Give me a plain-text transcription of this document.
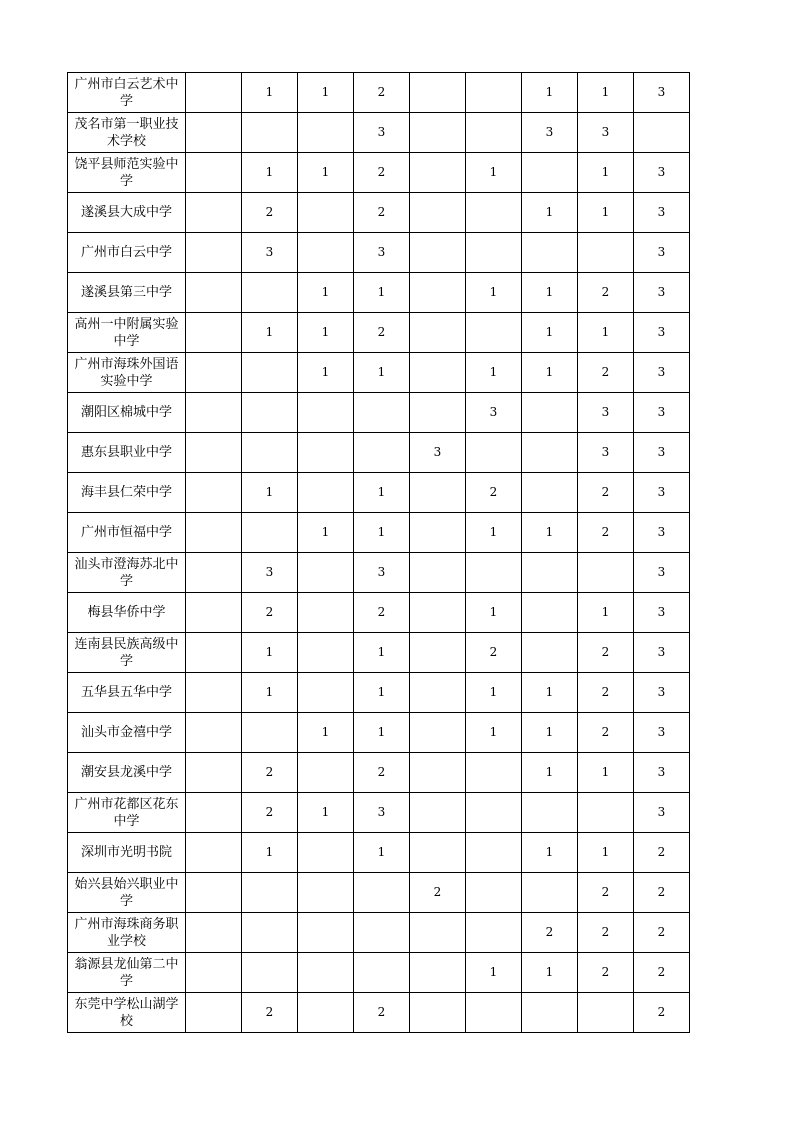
广州市白云艺术中学		1	1	2			1	1	3
茂名市第一职业技术学校				3			3	3	
饶平县师范实验中学		1	1	2		1		1	3
遂溪县大成中学		2		2			1	1	3
广州市白云中学		3		3					3
遂溪县第三中学			1	1		1	1	2	3
高州一中附属实验中学		1	1	2			1	1	3
广州市海珠外国语实验中学			1	1		1	1	2	3
潮阳区棉城中学						3		3	3
惠东县职业中学					3			3	3
海丰县仁荣中学		1		1		2		2	3
广州市恒福中学			1	1		1	1	2	3
汕头市澄海苏北中学		3		3					3
梅县华侨中学		2		2		1		1	3
连南县民族高级中学		1		1		2		2	3
五华县五华中学		1		1		1	1	2	3
汕头市金禧中学			1	1		1	1	2	3
潮安县龙溪中学		2		2			1	1	3
广州市花都区花东中学		2	1	3					3
深圳市光明书院		1		1			1	1	2
始兴县始兴职业中学					2			2	2
广州市海珠商务职业学校							2	2	2
翁源县龙仙第二中学						1	1	2	2
东莞中学松山湖学校		2		2					2
